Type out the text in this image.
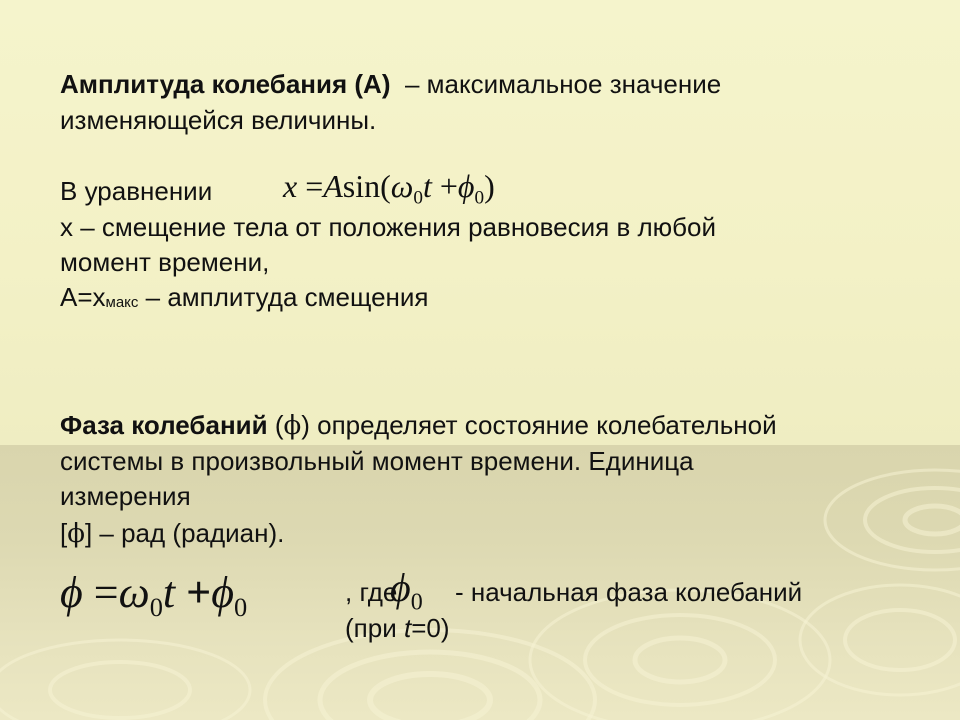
Амплитуда колебания (А) – максимальное значение
изменяющейся величины.
В уравнении $x =Asin(\omega_0t +\phi_0)$
x – смещение тела от положения равновесия в любой
момент времени,
$A=x_{макс}$ – амплитуда смещения
Фаза колебаний (ϕ) определяет состояние колебательной
системы в произвольный момент времени. Единица
измерения
[ϕ] – рад (радиан).
$\phi =\omega_0t +\phi_0$
, где
$\phi_0$ - начальная фаза колебаний
(при t=0)
